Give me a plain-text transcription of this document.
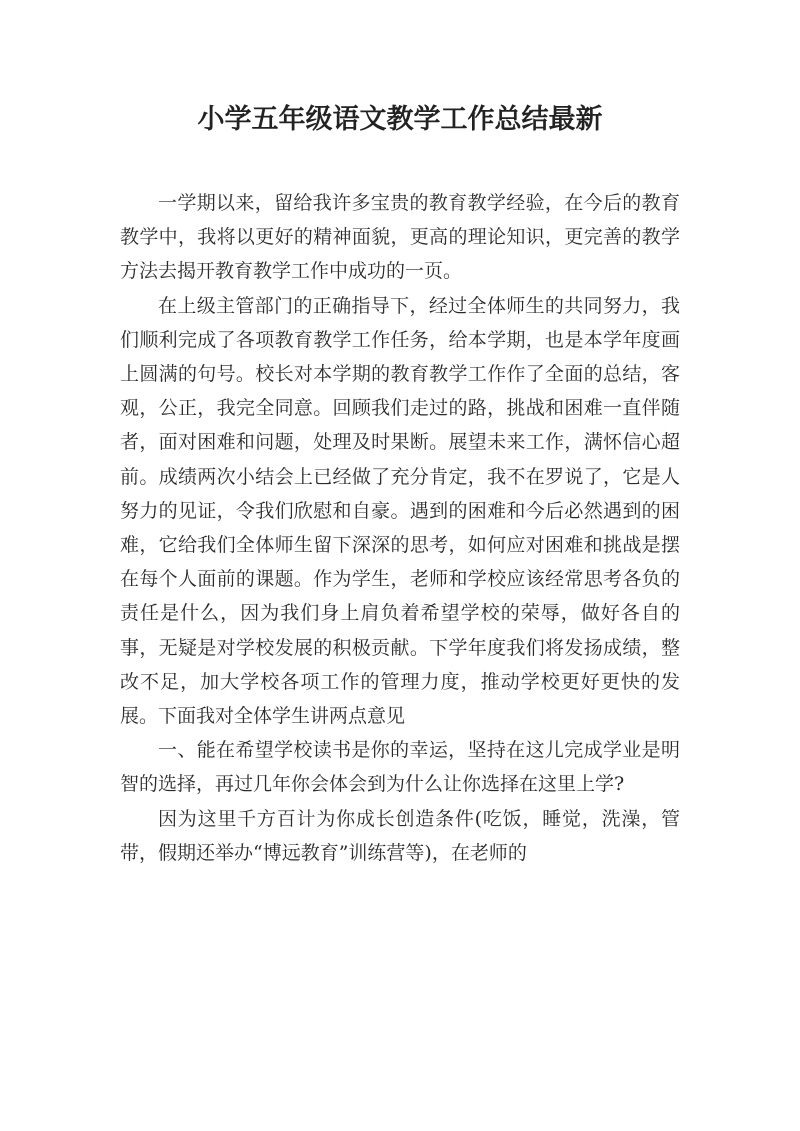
小学五年级语文教学工作总结最新

一学期以来，留给我许多宝贵的教育教学经验，在今后的教育教学中，我将以更好的精神面貌，更高的理论知识，更完善的教学方法去揭开教育教学工作中成功的一页。

在上级主管部门的正确指导下，经过全体师生的共同努力，我们顺利完成了各项教育教学工作任务，给本学期，也是本学年度画上圆满的句号。校长对本学期的教育教学工作作了全面的总结，客观，公正，我完全同意。回顾我们走过的路，挑战和困难一直伴随者，面对困难和问题，处理及时果断。展望未来工作，满怀信心超前。成绩两次小结会上已经做了充分肯定，我不在罗说了，它是人努力的见证，令我们欣慰和自豪。遇到的困难和今后必然遇到的困难，它给我们全体师生留下深深的思考，如何应对困难和挑战是摆在每个人面前的课题。作为学生，老师和学校应该经常思考各负的责任是什么，因为我们身上肩负着希望学校的荣辱，做好各自的事，无疑是对学校发展的积极贡献。下学年度我们将发扬成绩，整改不足，加大学校各项工作的管理力度，推动学校更好更快的发展。下面我对全体学生讲两点意见

一、能在希望学校读书是你的幸运，坚持在这儿完成学业是明智的选择，再过几年你会体会到为什么让你选择在这里上学?

因为这里千方百计为你成长创造条件(吃饭，睡觉，洗澡，管带，假期还举办“博远教育”训练营等)，在老师的
